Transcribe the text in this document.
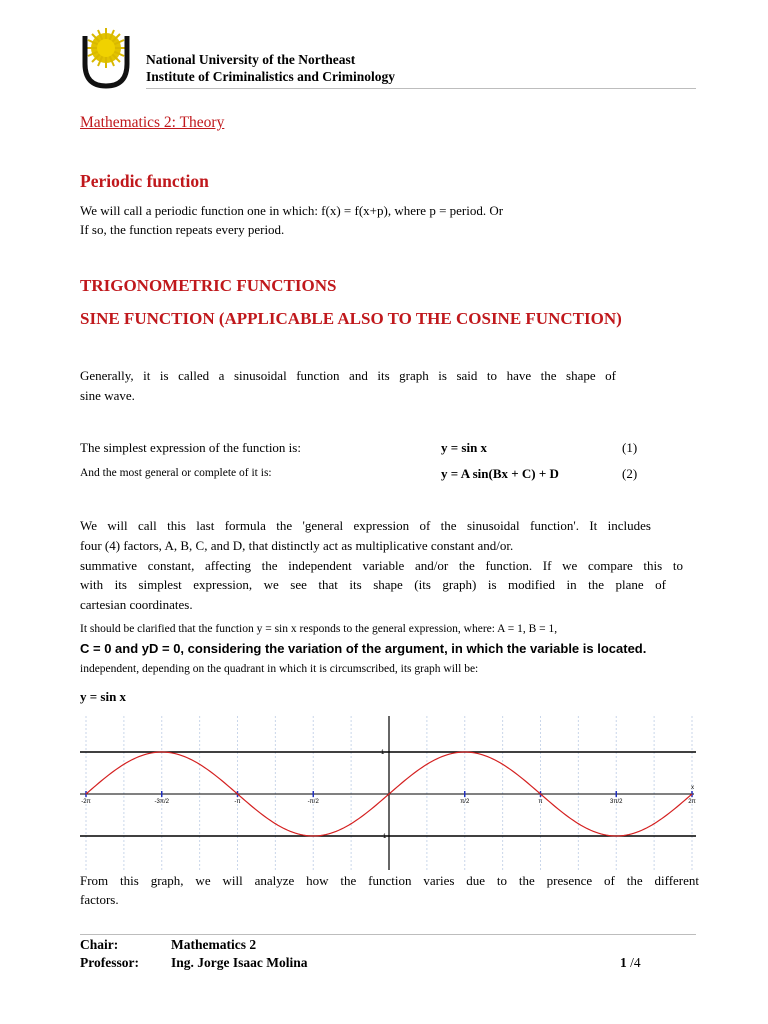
National University of the Northeast
Institute of Criminalistics and Criminology
Mathematics 2: Theory
Periodic function
We will call a periodic function one in which: f(x) = f(x+p), where p = period. Or
If so, the function repeats every period.
TRIGONOMETRIC FUNCTIONS
SINE FUNCTION (APPLICABLE ALSO TO THE COSINE FUNCTION)
Generally, it is called a sinusoidal function and its graph is said to have the shape of
sine wave.
The simplest expression of the function is:	y = sin x	(1)
And the most general or complete of it is:	y = A sin(Bx + C) + D	(2)
We will call this last formula the 'general expression of the sinusoidal function'. It includes
four (4) factors, A, B, C, and D, that distinctly act as multiplicative constant and/or.
summative constant, affecting the independent variable and/or the function. If we compare this to
with its simplest expression, we see that its shape (its graph) is modified in the plane of
cartesian coordinates.
It should be clarified that the function y = sin x responds to the general expression, where: A = 1, B = 1,
C = 0 and yD = 0, considering the variation of the argument, in which the variable is located.
independent, depending on the quadrant in which it is circumscribed, its graph will be:
y = sin x
1
-1
-2π	-3π/2	-π	-π/2	π/2	π	3π/2	2π
x
From this graph, we will analyze how the function varies due to the presence of the different
factors.
Chair:	Mathematics 2
Professor: Ing. Jorge Isaac Molina	1 /4
